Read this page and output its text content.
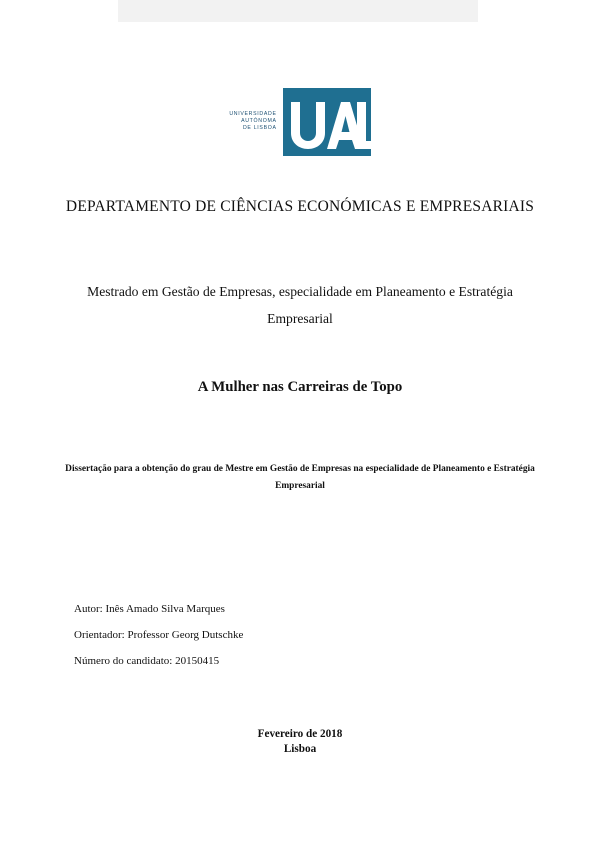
UNIVERSIDADE
AUTÓNOMA
DE LISBOA
DEPARTAMENTO DE CIÊNCIAS ECONÓMICAS E EMPRESARIAIS
Mestrado em Gestão de Empresas, especialidade em Planeamento e Estratégia Empresarial
A Mulher nas Carreiras de Topo
Dissertação para a obtenção do grau de Mestre em Gestão de Empresas na especialidade de Planeamento e Estratégia Empresarial
Autor: Inês Amado Silva Marques
Orientador: Professor Georg Dutschke
Número do candidato: 20150415
Fevereiro de 2018
Lisboa
